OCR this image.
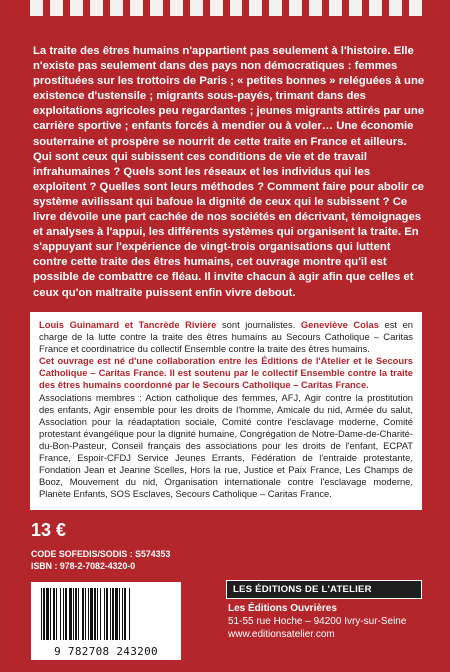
La traite des êtres humains n'appartient pas seulement à l'histoire. Elle n'existe pas seulement dans des pays non démocratiques : femmes prostituées sur les trottoirs de Paris ; « petites bonnes » reléguées à une existence d'ustensile ; migrants sous-payés, trimant dans des exploitations agricoles peu regardantes ; jeunes migrants attirés par une carrière sportive ; enfants forcés à mendier ou à voler… Une économie souterraine et prospère se nourrit de cette traite en France et ailleurs. Qui sont ceux qui subissent ces conditions de vie et de travail infrahumaines ? Quels sont les réseaux et les individus qui les exploitent ? Quelles sont leurs méthodes ? Comment faire pour abolir ce système avilissant qui bafoue la dignité de ceux qui le subissent ? Ce livre dévoile une part cachée de nos sociétés en décrivant, témoignages et analyses à l'appui, les différents systèmes qui organisent la traite. En s'appuyant sur l'expérience de vingt-trois organisations qui luttent contre cette traite des êtres humains, cet ouvrage montre qu'il est possible de combattre ce fléau. Il invite chacun à agir afin que celles et ceux qu'on maltraite puissent enfin vivre debout.

Louis Guinamard et Tancrède Rivière sont journalistes. Geneviève Colas est en charge de la lutte contre la traite des êtres humains au Secours Catholique – Caritas France et coordinatrice du collectif Ensemble contre la traite des êtres humains.

Cet ouvrage est né d'une collaboration entre les Éditions de l'Atelier et le Secours Catholique – Caritas France. Il est soutenu par le collectif Ensemble contre la traite des êtres humains coordonné par le Secours Catholique – Caritas France.

Associations membres : Action catholique des femmes, AFJ, Agir contre la prostitution des enfants, Agir ensemble pour les droits de l'homme, Amicale du nid, Armée du salut, Association pour la réadaptation sociale, Comité contre l'esclavage moderne, Comité protestant évangélique pour la dignité humaine, Congrégation de Notre-Dame-de-Charité-du-Bon-Pasteur, Conseil français des associations pour les droits de l'enfant, ECPAT France, Espoir-CFDJ Service Jeunes Errants, Fédération de l'entraide protestante, Fondation Jean et Jeanne Scelles, Hors la rue, Justice et Paix France, Les Champs de Booz, Mouvement du nid, Organisation internationale contre l'esclavage moderne, Planète Enfants, SOS Esclaves, Secours Catholique – Caritas France.

13 €
CODE SOFEDIS/SODIS : S574353
ISBN : 978-2-7082-4320-0
9 782708 243200
LES ÉDITIONS DE L'ATELIER
Les Éditions Ouvrières
51-55 rue Hoche – 94200 Ivry-sur-Seine
www.editionsatelier.com
